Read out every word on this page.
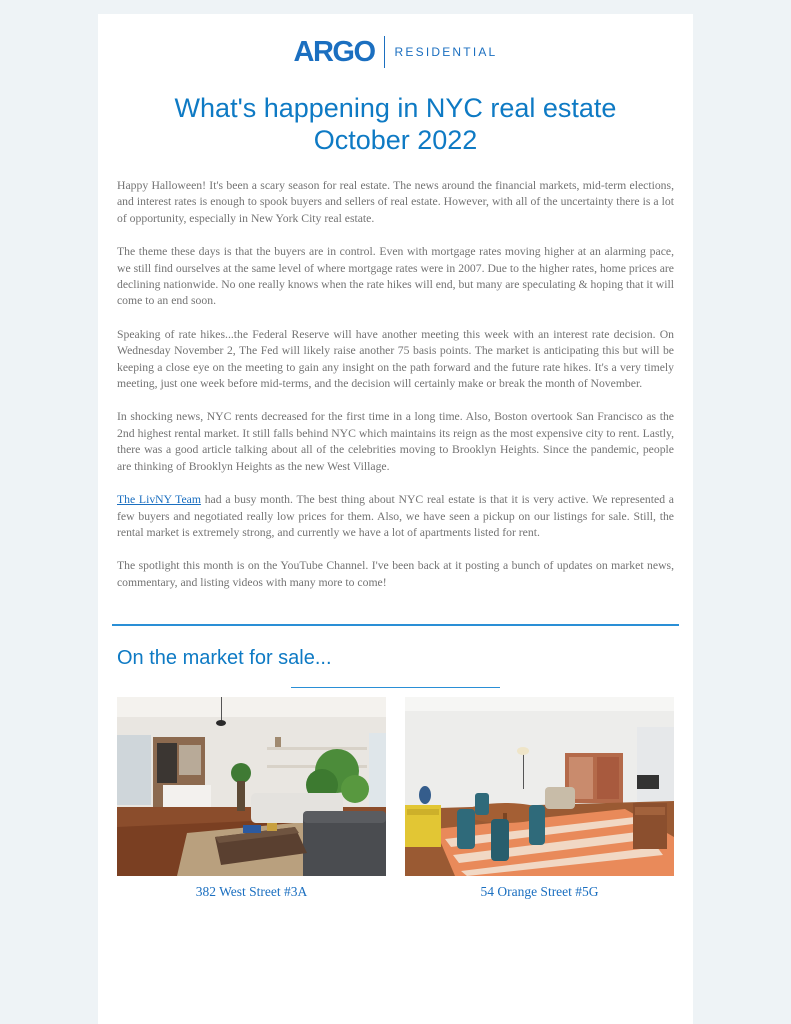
ARGO RESIDENTIAL
What's happening in NYC real estate
October 2022

Happy Halloween! It's been a scary season for real estate. The news around the financial markets, mid-term elections, and interest rates is enough to spook buyers and sellers of real estate. However, with all of the uncertainty there is a lot of opportunity, especially in New York City real estate.

The theme these days is that the buyers are in control. Even with mortgage rates moving higher at an alarming pace, we still find ourselves at the same level of where mortgage rates were in 2007. Due to the higher rates, home prices are declining nationwide. No one really knows when the rate hikes will end, but many are speculating & hoping that it will come to an end soon.

Speaking of rate hikes...the Federal Reserve will have another meeting this week with an interest rate decision. On Wednesday November 2, The Fed will likely raise another 75 basis points. The market is anticipating this but will be keeping a close eye on the meeting to gain any insight on the path forward and the future rate hikes. It's a very timely meeting, just one week before mid-terms, and the decision will certainly make or break the month of November.

In shocking news, NYC rents decreased for the first time in a long time. Also, Boston overtook San Francisco as the 2nd highest rental market. It still falls behind NYC which maintains its reign as the most expensive city to rent. Lastly, there was a good article talking about all of the celebrities moving to Brooklyn Heights. Since the pandemic, people are thinking of Brooklyn Heights as the new West Village.

The LivNY Team had a busy month. The best thing about NYC real estate is that it is very active. We represented a few buyers and negotiated really low prices for them. Also, we have seen a pickup on our listings for sale. Still, the rental market is extremely strong, and currently we have a lot of apartments listed for rent.

The spotlight this month is on the YouTube Channel. I've been back at it posting a bunch of updates on market news, commentary, and listing videos with many more to come!

On the market for sale...
382 West Street #3A	54 Orange Street #5G
